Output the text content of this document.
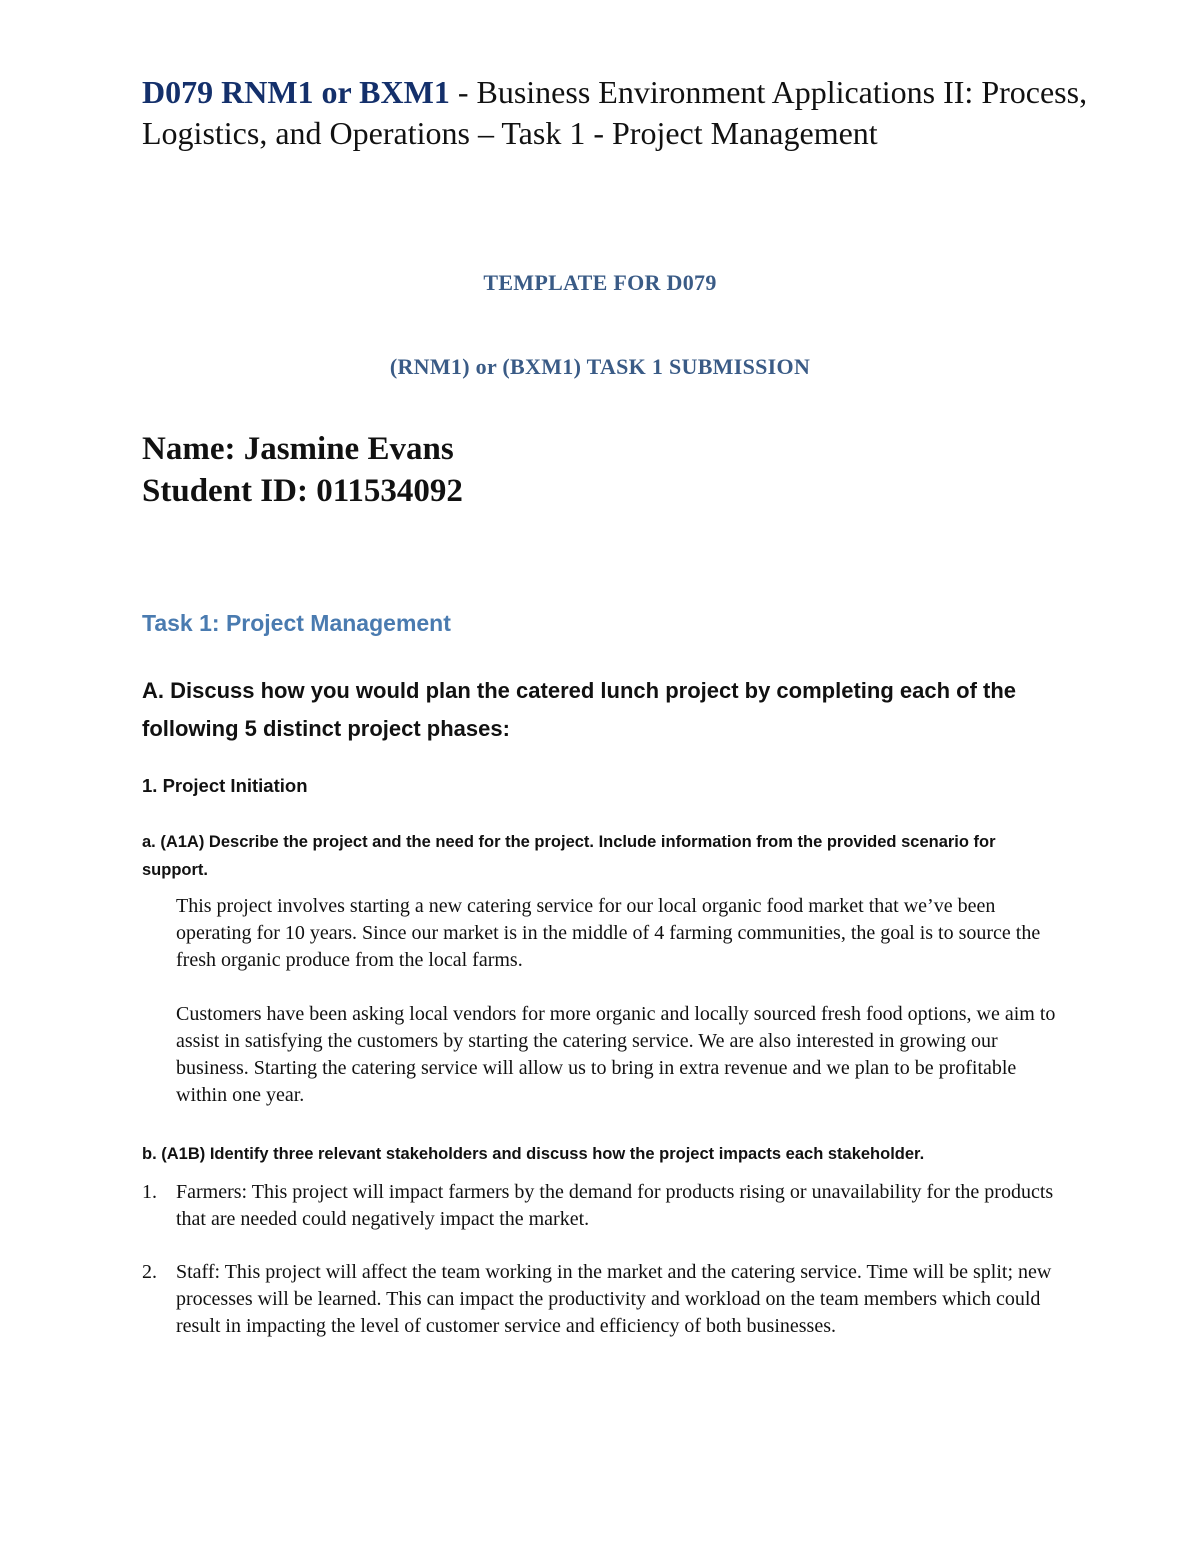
D079 RNM1 or BXM1 - Business Environment Applications II: Process, Logistics, and Operations – Task 1 - Project Management
TEMPLATE FOR D079
(RNM1) or (BXM1) TASK 1 SUBMISSION
Name: Jasmine Evans
Student ID: 011534092
Task 1: Project Management
A. Discuss how you would plan the catered lunch project by completing each of the following 5 distinct project phases:
1. Project Initiation
a. (A1A) Describe the project and the need for the project. Include information from the provided scenario for support.
This project involves starting a new catering service for our local organic food market that we’ve been operating for 10 years. Since our market is in the middle of 4 farming communities, the goal is to source the fresh organic produce from the local farms.
Customers have been asking local vendors for more organic and locally sourced fresh food options, we aim to assist in satisfying the customers by starting the catering service. We are also interested in growing our business. Starting the catering service will allow us to bring in extra revenue and we plan to be profitable within one year.
b. (A1B) Identify three relevant stakeholders and discuss how the project impacts each stakeholder.
1. Farmers: This project will impact farmers by the demand for products rising or unavailability for the products that are needed could negatively impact the market.
2. Staff: This project will affect the team working in the market and the catering service. Time will be split; new processes will be learned. This can impact the productivity and workload on the team members which could result in impacting the level of customer service and efficiency of both businesses.
